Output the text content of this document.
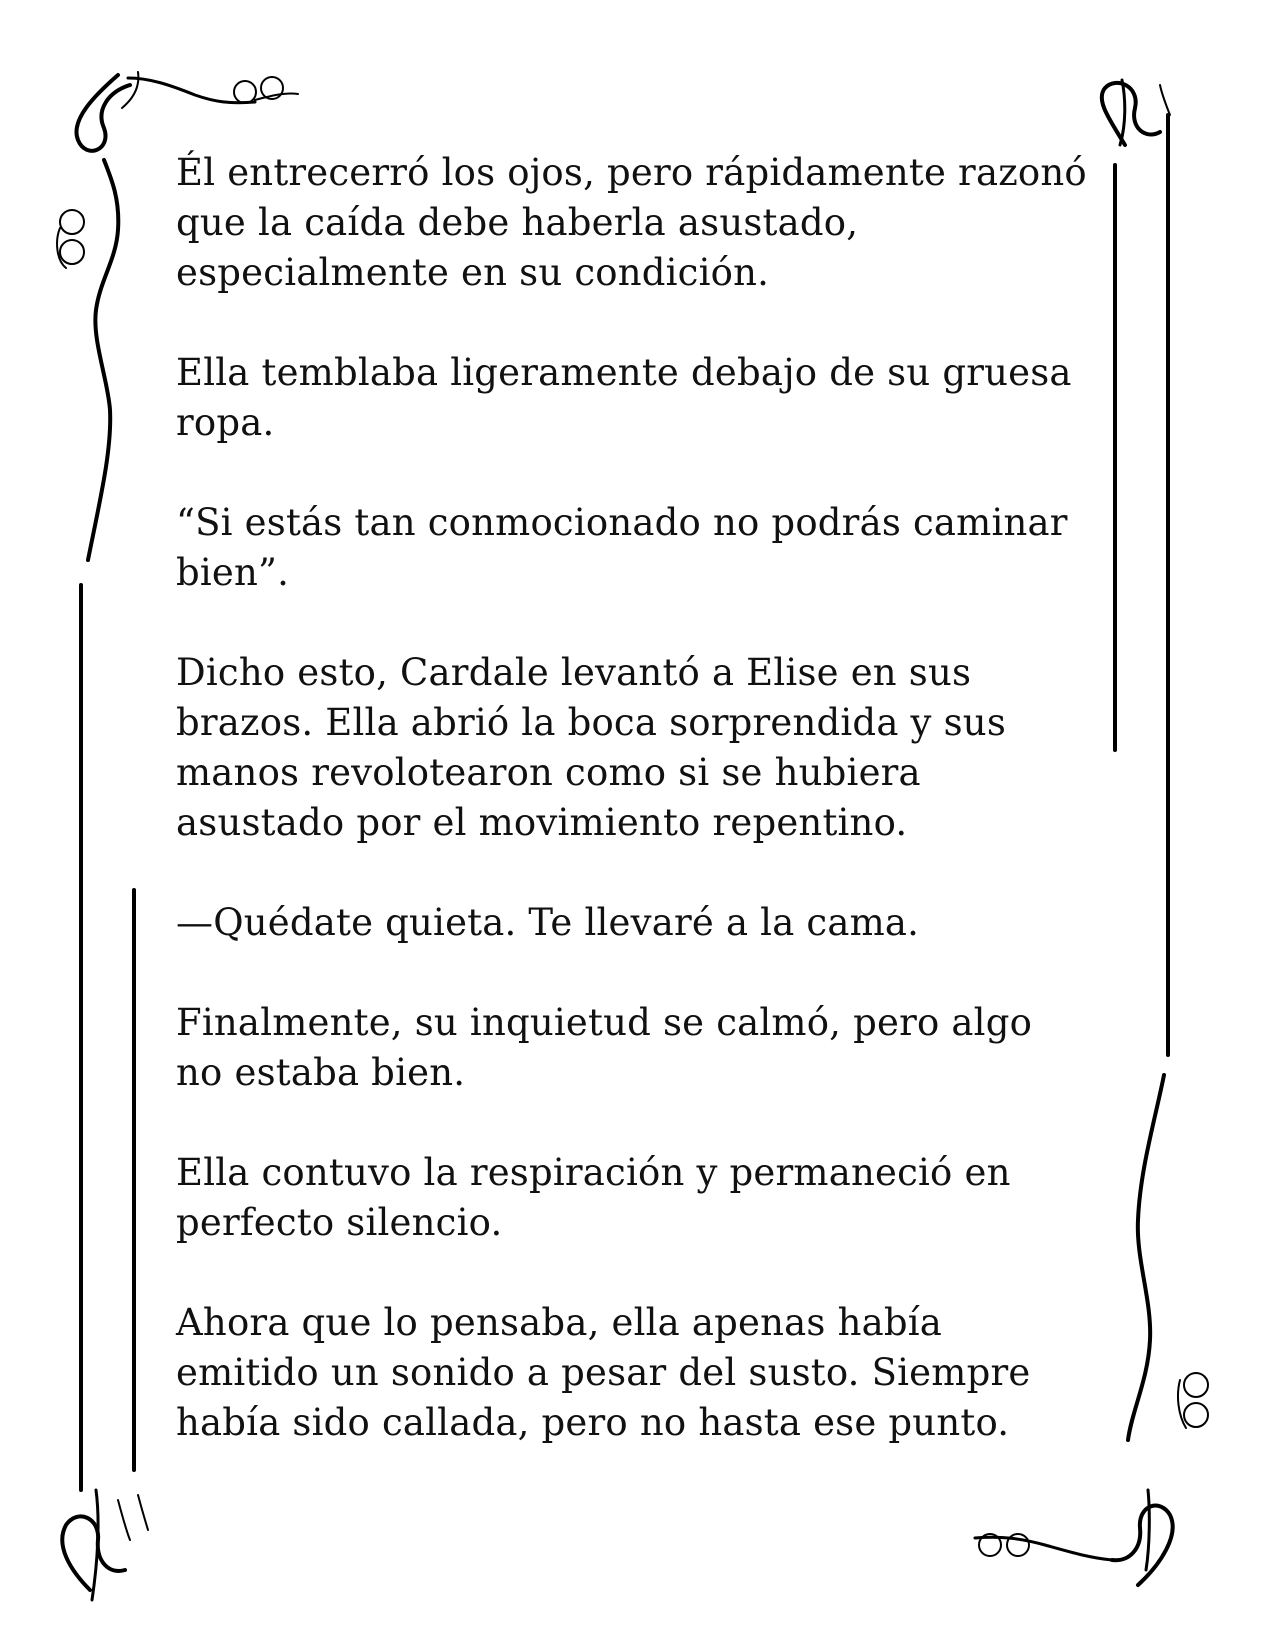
Él entrecerró los ojos, pero rápidamente razonó
que la caída debe haberla asustado,
especialmente en su condición.

Ella temblaba ligeramente debajo de su gruesa
ropa.

“Si estás tan conmocionado no podrás caminar
bien”.

Dicho esto, Cardale levantó a Elise en sus
brazos. Ella abrió la boca sorprendida y sus
manos revolotearon como si se hubiera
asustado por el movimiento repentino.

—Quédate quieta. Te llevaré a la cama.

Finalmente, su inquietud se calmó, pero algo
no estaba bien.

Ella contuvo la respiración y permaneció en
perfecto silencio.

Ahora que lo pensaba, ella apenas había
emitido un sonido a pesar del susto. Siempre
había sido callada, pero no hasta ese punto.
